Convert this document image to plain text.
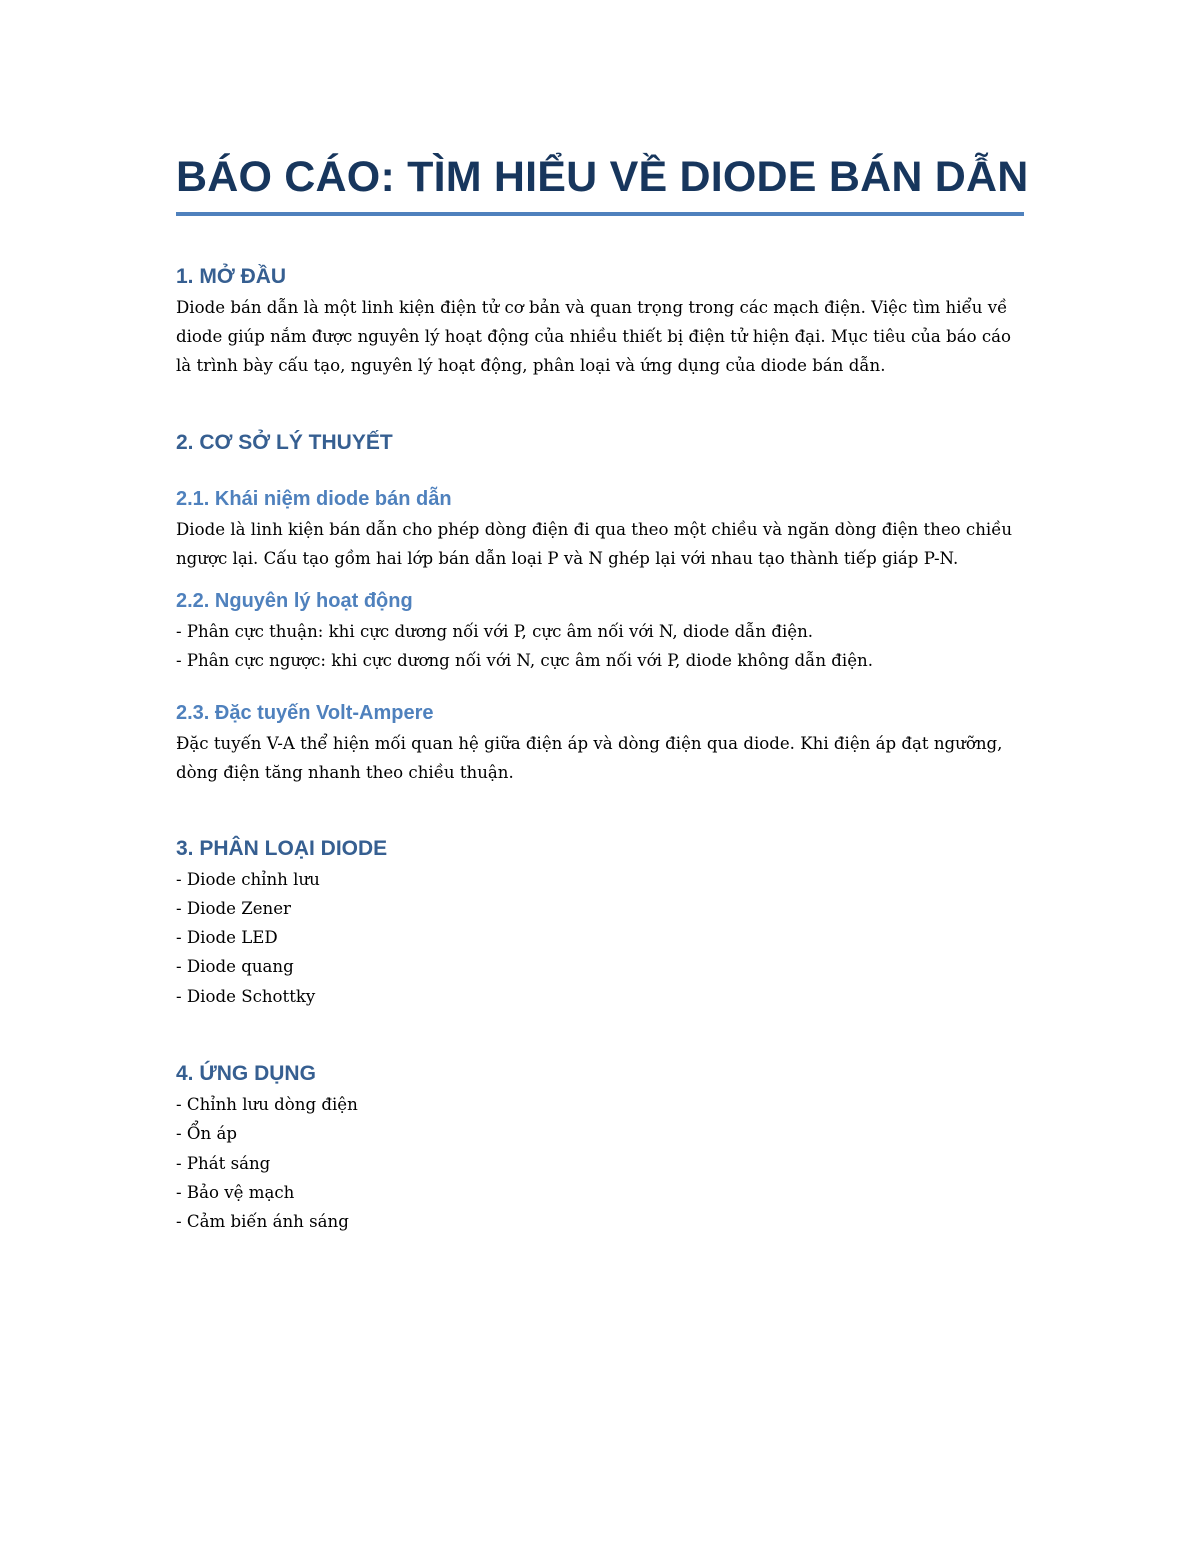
BÁO CÁO: TÌM HIỂU VỀ DIODE BÁN DẪN
1. MỞ ĐẦU

Diode bán dẫn là một linh kiện điện tử cơ bản và quan trọng trong các mạch điện. Việc tìm hiểu về diode giúp nắm được nguyên lý hoạt động của nhiều thiết bị điện tử hiện đại. Mục tiêu của báo cáo là trình bày cấu tạo, nguyên lý hoạt động, phân loại và ứng dụng của diode bán dẫn.

2. CƠ SỞ LÝ THUYẾT
2.1. Khái niệm diode bán dẫn

Diode là linh kiện bán dẫn cho phép dòng điện đi qua theo một chiều và ngăn dòng điện theo chiều ngược lại. Cấu tạo gồm hai lớp bán dẫn loại P và N ghép lại với nhau tạo thành tiếp giáp P-N.

2.2. Nguyên lý hoạt động
- Phân cực thuận: khi cực dương nối với P, cực âm nối với N, diode dẫn điện.
- Phân cực ngược: khi cực dương nối với N, cực âm nối với P, diode không dẫn điện.
2.3. Đặc tuyến Volt-Ampere

Đặc tuyến V-A thể hiện mối quan hệ giữa điện áp và dòng điện qua diode. Khi điện áp đạt ngưỡng, dòng điện tăng nhanh theo chiều thuận.

3. PHÂN LOẠI DIODE
- Diode chỉnh lưu
- Diode Zener
- Diode LED
- Diode quang
- Diode Schottky
4. ỨNG DỤNG
- Chỉnh lưu dòng điện
- Ổn áp
- Phát sáng
- Bảo vệ mạch
- Cảm biến ánh sáng
